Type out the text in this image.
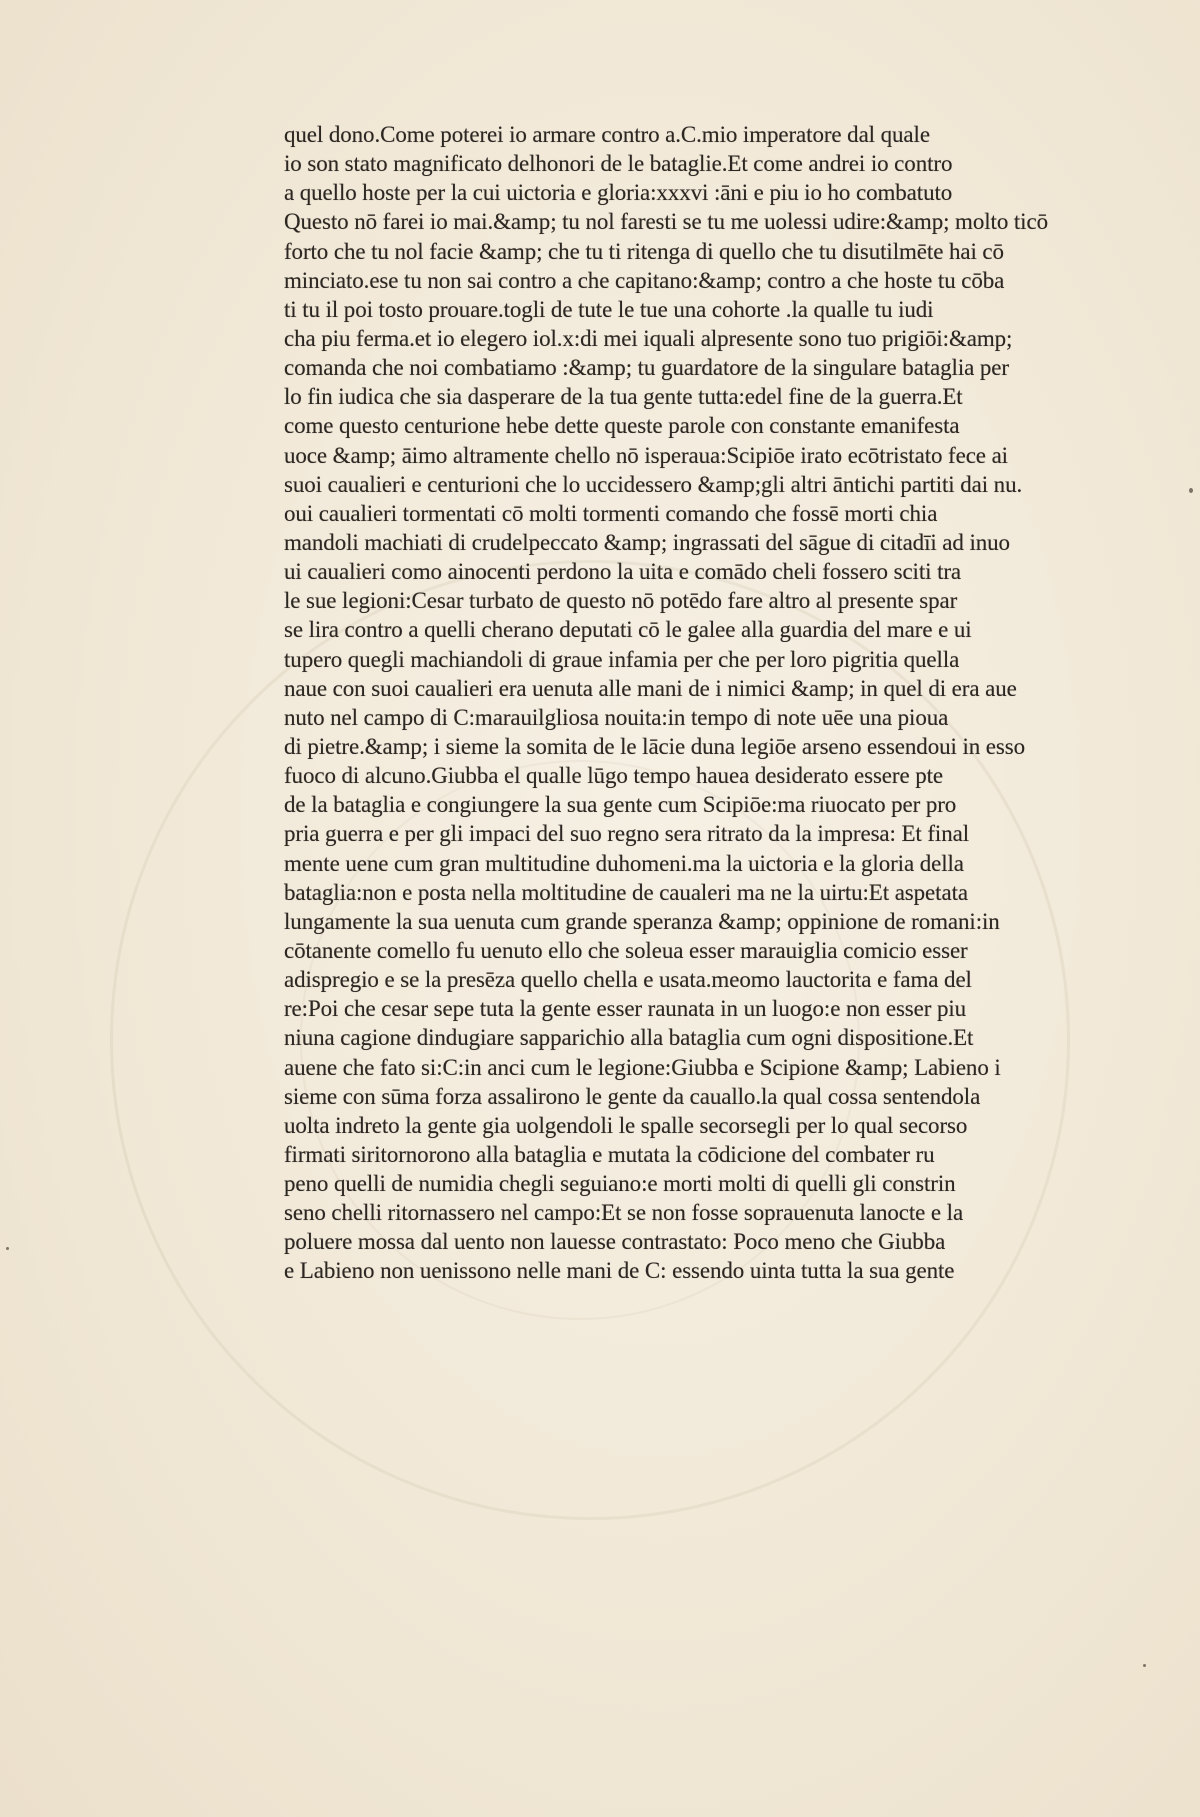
quel dono.Come poterei io armare contro a.C.mio imperatore dal quale
io son stato magnificato delhonori de le bataglie.Et come andrei io contro
a quello hoste per la cui uictoria e gloria:xxxvi :āni e piu io ho combatuto
Questo nō farei io mai.&amp; tu nol faresti se tu me uolessi udire:&amp; molto ticō
forto che tu nol facie &amp; che tu ti ritenga di quello che tu disutilmēte hai cō
minciato.ese tu non sai contro a che capitano:&amp; contro a che hoste tu cōba
ti tu il poi tosto prouare.togli de tute le tue una cohorte .la qualle tu iudi
cha piu ferma.et io elegero iol.x:di mei iquali alpresente sono tuo prigiōi:&amp;
comanda che noi combatiamo :&amp; tu guardatore de la singulare bataglia per
lo fin iudica che sia dasperare de la tua gente tutta:edel fine de la guerra.Et
come questo centurione hebe dette queste parole con constante emanifesta
uoce &amp; āimo altramente chello nō isperaua:Scipiōe irato ecōtristato fece ai
suoi caualieri e centurioni che lo uccidessero &amp;gli altri āntichi partiti dai nu.
oui caualieri tormentati cō molti tormenti comando che fossē morti chia
mandoli machiati di crudelpeccato &amp; ingrassati del sāgue di citadīi ad inuo
ui caualieri como ainocenti perdono la uita e comādo cheli fossero sciti tra
le sue legioni:Cesar turbato de questo nō potēdo fare altro al presente spar
se lira contro a quelli cherano deputati cō le galee alla guardia del mare e ui
tupero quegli machiandoli di graue infamia per che per loro pigritia quella
naue con suoi caualieri era uenuta alle mani de i nimici &amp; in quel di era aue
nuto nel campo di C:marauilgliosa nouita:in tempo di note uēe una pioua
di pietre.&amp; i sieme la somita de le lācie duna legiōe arseno essendoui in esso
fuoco di alcuno.Giubba el qualle lūgo tempo hauea desiderato essere pte
de la bataglia e congiungere la sua gente cum Scipiōe:ma riuocato per pro
pria guerra e per gli impaci del suo regno sera ritrato da la impresa: Et final
mente uene cum gran multitudine duhomeni.ma la uictoria e la gloria della
bataglia:non e posta nella moltitudine de caualeri ma ne la uirtu:Et aspetata
lungamente la sua uenuta cum grande speranza &amp; oppinione de romani:in
cōtanente comello fu uenuto ello che soleua esser marauiglia comicio esser
adispregio e se la presēza quello chella e usata.meomo lauctorita e fama del
re:Poi che cesar sepe tuta la gente esser raunata in un luogo:e non esser piu
niuna cagione dindugiare sapparichio alla bataglia cum ogni dispositione.Et
auene che fato si:C:in anci cum le legione:Giubba e Scipione &amp; Labieno i
sieme con sūma forza assalirono le gente da cauallo.la qual cossa sentendola
uolta indreto la gente gia uolgendoli le spalle secorsegli per lo qual secorso
firmati siritornorono alla bataglia e mutata la cōdicione del combater ru
peno quelli de numidia chegli seguiano:e morti molti di quelli gli constrin
seno chelli ritornassero nel campo:Et se non fosse soprauenuta lanocte e la
poluere mossa dal uento non lauesse contrastato: Poco meno che Giubba
e Labieno non uenissono nelle mani de C: essendo uinta tutta la sua gente
